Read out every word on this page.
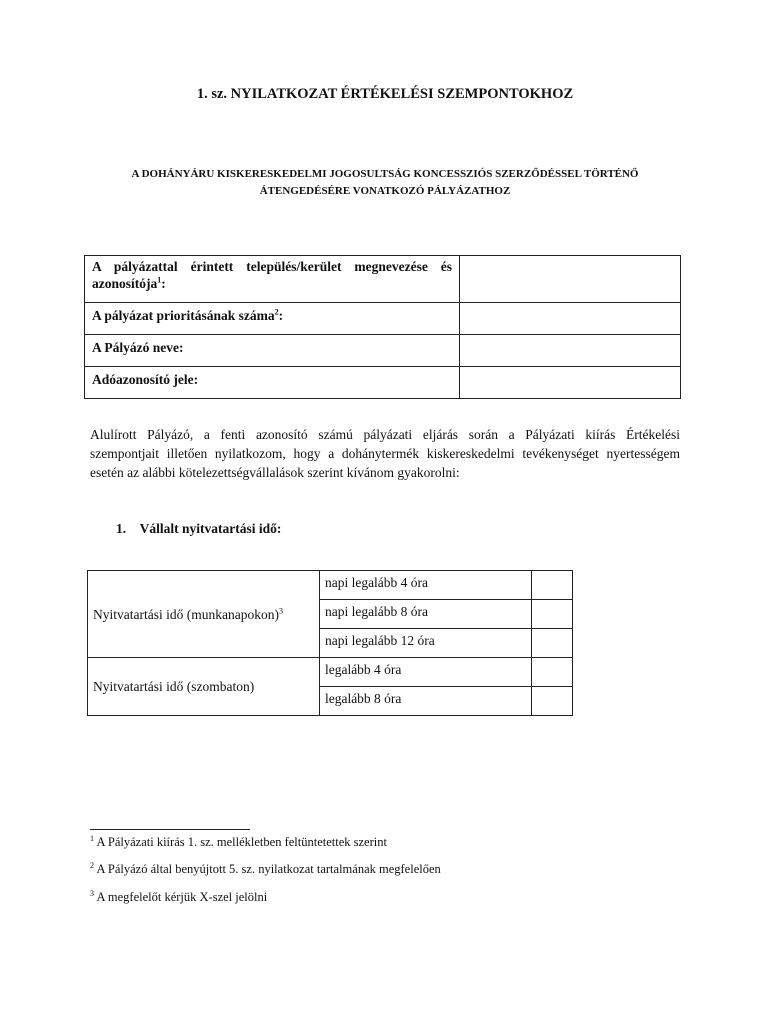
1. sz. NYILATKOZAT ÉRTÉKELÉSI SZEMPONTOKHOZ
A DOHÁNYÁRU KISKERESKEDELMI JOGOSULTSÁG KONCESSZIÓS SZERZŐDÉSSEL TÖRTÉNŐ
ÁTENGEDÉSÉRE VONATKOZÓ PÁLYÁZATHOZ
A pályázattal érintett település/kerület megnevezése és
azonosítója$^1$:	
A pályázat prioritásának száma$^2$:	
A Pályázó neve:	
Adóazonosító jele:	
Alulírott Pályázó, a fenti azonosító számú pályázati eljárás során a Pályázati kiírás Értékelési
szempontjait illetően nyilatkozom, hogy a dohánytermék kiskereskedelmi tevékenységet nyertességem
esetén az alábbi kötelezettségvállalások szerint kívánom gyakorolni:
1. Vállalt nyitvatartási idő:
Nyitvatartási idő (munkanapokon)$^3$	napi legalább 4 óra	
	napi legalább 8 óra	
	napi legalább 12 óra	
Nyitvatartási idő (szombaton)	legalább 4 óra	
	legalább 8 óra	
$^1$ A Pályázati kiírás 1. sz. mellékletben feltüntetettek szerint
$^2$ A Pályázó által benyújtott 5. sz. nyilatkozat tartalmának megfelelően
$^3$ A megfelelőt kérjük X-szel jelölni
